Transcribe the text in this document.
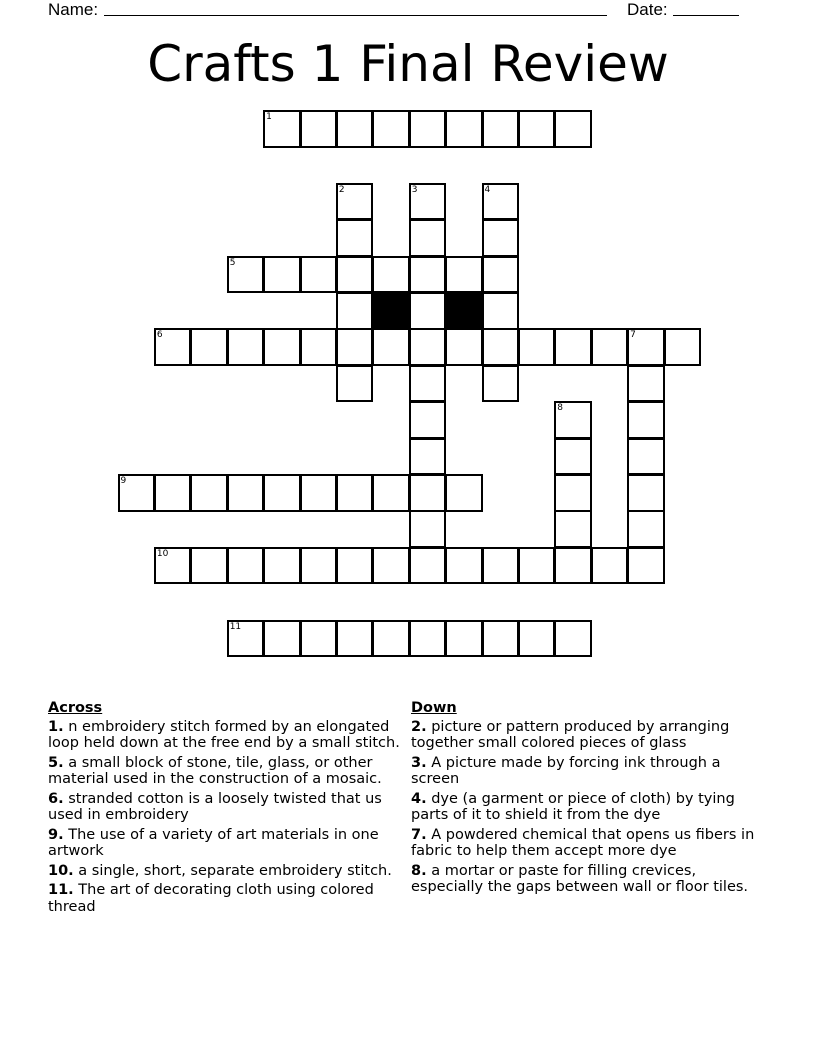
Name:	Date:
Crafts 1 Final Review
1
5
6	7
9
10
11
2	3	4
8
Across
1. n embroidery stitch formed by an elongated loop held down at the free end by a small stitch.
5. a small block of stone, tile, glass, or other material used in the construction of a mosaic.
6. stranded cotton is a loosely twisted that us used in embroidery
9. The use of a variety of art materials in one artwork
10. a single, short, separate embroidery stitch.
11. The art of decorating cloth using colored thread
Down
2. picture or pattern produced by arranging together small colored pieces of glass
3. A picture made by forcing ink through a screen
4. dye (a garment or piece of cloth) by tying parts of it to shield it from the dye
7. A powdered chemical that opens us fibers in fabric to help them accept more dye
8. a mortar or paste for filling crevices, especially the gaps between wall or floor tiles.
